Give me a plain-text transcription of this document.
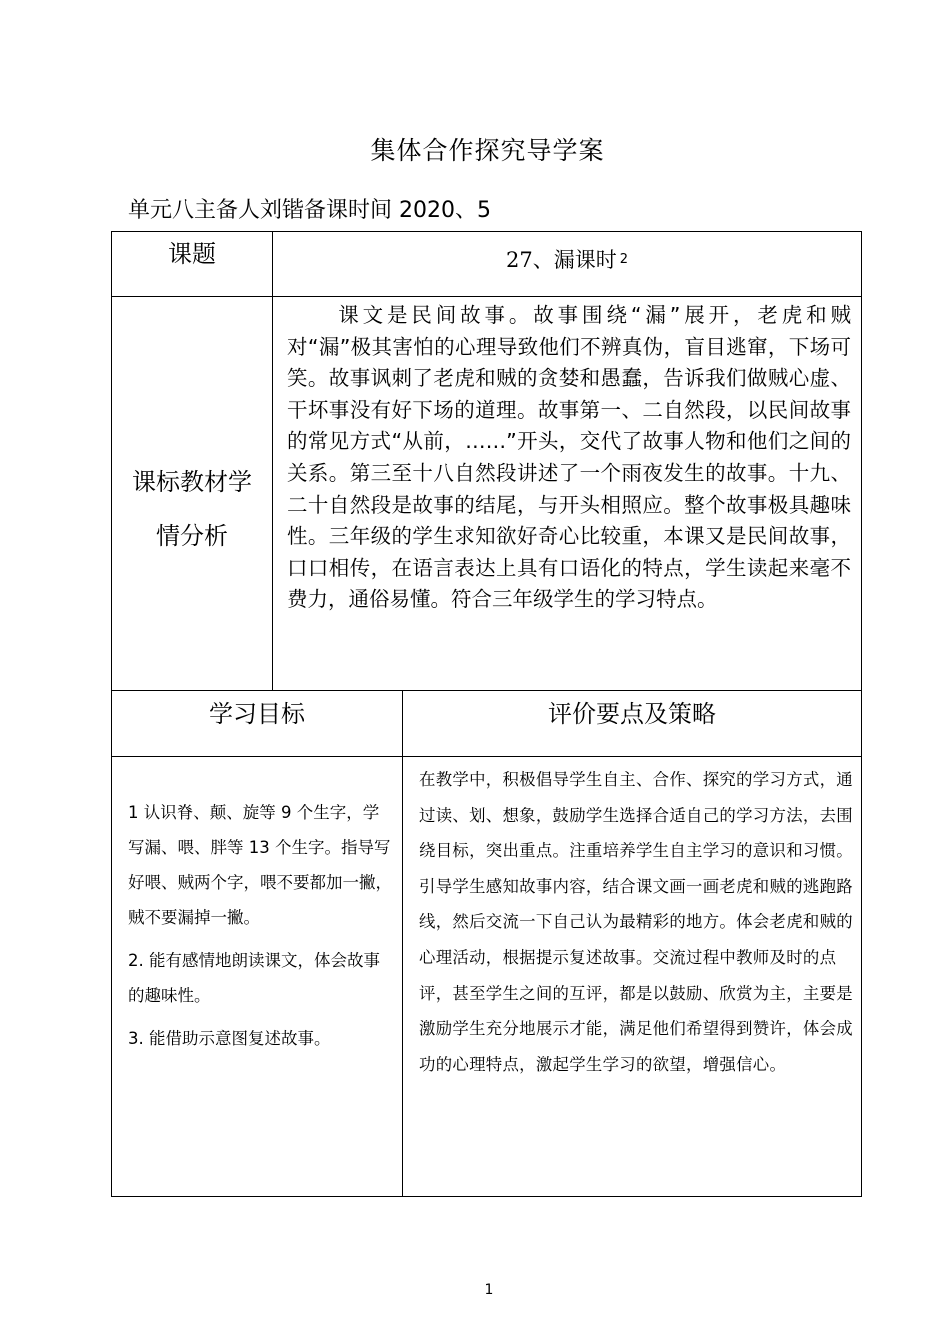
集体合作探究导学案
单元八主备人刘锴备课时间 2020、5
课题	27、漏课时 $^2$
课标教材学
情分析
课文是民间故事。故事围绕“漏”展开，老虎和贼对“漏”极其害怕的心理导致他们不辨真伪，盲目逃窜，下场可笑。故事讽刺了老虎和贼的贪婪和愚蠢，告诉我们做贼心虚、干坏事没有好下场的道理。故事第一、二自然段，以民间故事的常见方式“从前，……”开头，交代了故事人物和他们之间的关系。第三至十八自然段讲述了一个雨夜发生的故事。十九、二十自然段是故事的结尾，与开头相照应。整个故事极具趣味性。三年级的学生求知欲好奇心比较重，本课又是民间故事，口口相传，在语言表达上具有口语化的特点，学生读起来毫不费力，通俗易懂。符合三年级学生的学习特点。
学习目标	评价要点及策略

1 认识脊、颠、旋等 9 个生字，学写漏、喂、胖等 13 个生字。指导写好喂、贼两个字，喂不要都加一撇，贼不要漏掉一撇。

2. 能有感情地朗读课文，体会故事的趣味性。

3. 能借助示意图复述故事。

在教学中，积极倡导学生自主、合作、探究的学习方式，通过读、划、想象，鼓励学生选择合适自己的学习方法，去围绕目标，突出重点。注重培养学生自主学习的意识和习惯。引导学生感知故事内容，结合课文画一画老虎和贼的逃跑路线，然后交流一下自己认为最精彩的地方。体会老虎和贼的心理活动，根据提示复述故事。交流过程中教师及时的点评，甚至学生之间的互评，都是以鼓励、欣赏为主，主要是激励学生充分地展示才能，满足他们希望得到赞许，体会成功的心理特点，激起学生学习的欲望，增强信心。
1
